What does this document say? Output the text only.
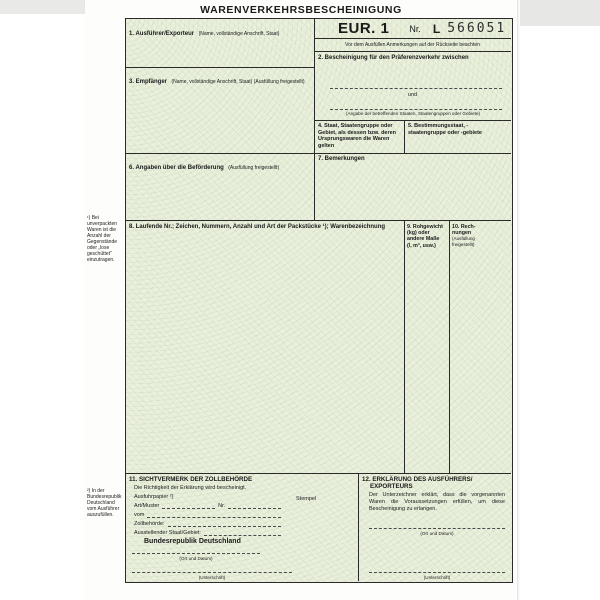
WARENVERKEHRSBESCHEINIGUNG
1. Ausführer/Exporteur (Name, vollständige Anschrift, Staat)	EUR. 1 Nr. L 566051
Vor dem Ausfüllen Anmerkungen auf der Rückseite beachten
2. Bescheinigung für den Präferenzverkehr zwischen
und
(Angabe der betreffenden Staaten, Staatengruppen oder Gebiete)
3. Empfänger (Name, vollständige Anschrift, Staat) (Ausfüllung freigestellt)
4. Staat, Staatengruppe oder Gebiet, als dessen bzw. deren Ursprungswaren die Waren gelten
5. Bestimmungsstaat, -staatengruppe oder -gebiete
6. Angaben über die Beförderung (Ausfüllung freigestellt)
7. Bemerkungen
8. Laufende Nr.; Zeichen, Nummern, Anzahl und Art der Packstücke ¹); Warenbezeichnung	9. Rohgewicht
(kg) oder
andere Maße
(l, m³, usw.)
10. Rech-
nungen
(Ausfüllung
freigestellt)
11. SICHTVERMERK DER ZOLLBEHÖRDE
Die Richtigkeit der Erklärung wird bescheinigt.
Ausfuhrpapier ²)	Stempel
Art/Muster	Nr.
vom
Zollbehörde:
Ausstellender Staat/Gebiet:
Bundesrepublik Deutschland
(Ort und Datum)
(Unterschrift)
12. ERKLÄRUNG DES AUSFÜHRERS/
EXPORTEURS
Der Unterzeichner erklärt, dass die vorgenannten Waren die Voraussetzungen erfüllen, um diese Bescheinigung zu erlangen.
(Ort und Datum)
(Unterschrift)
¹) Bei unverpackten Waren ist die Anzahl der Gegenstände oder „lose geschüttet“ einzutragen.
²) In der Bundesrepublik Deutschland vom Ausführer auszufüllen.
